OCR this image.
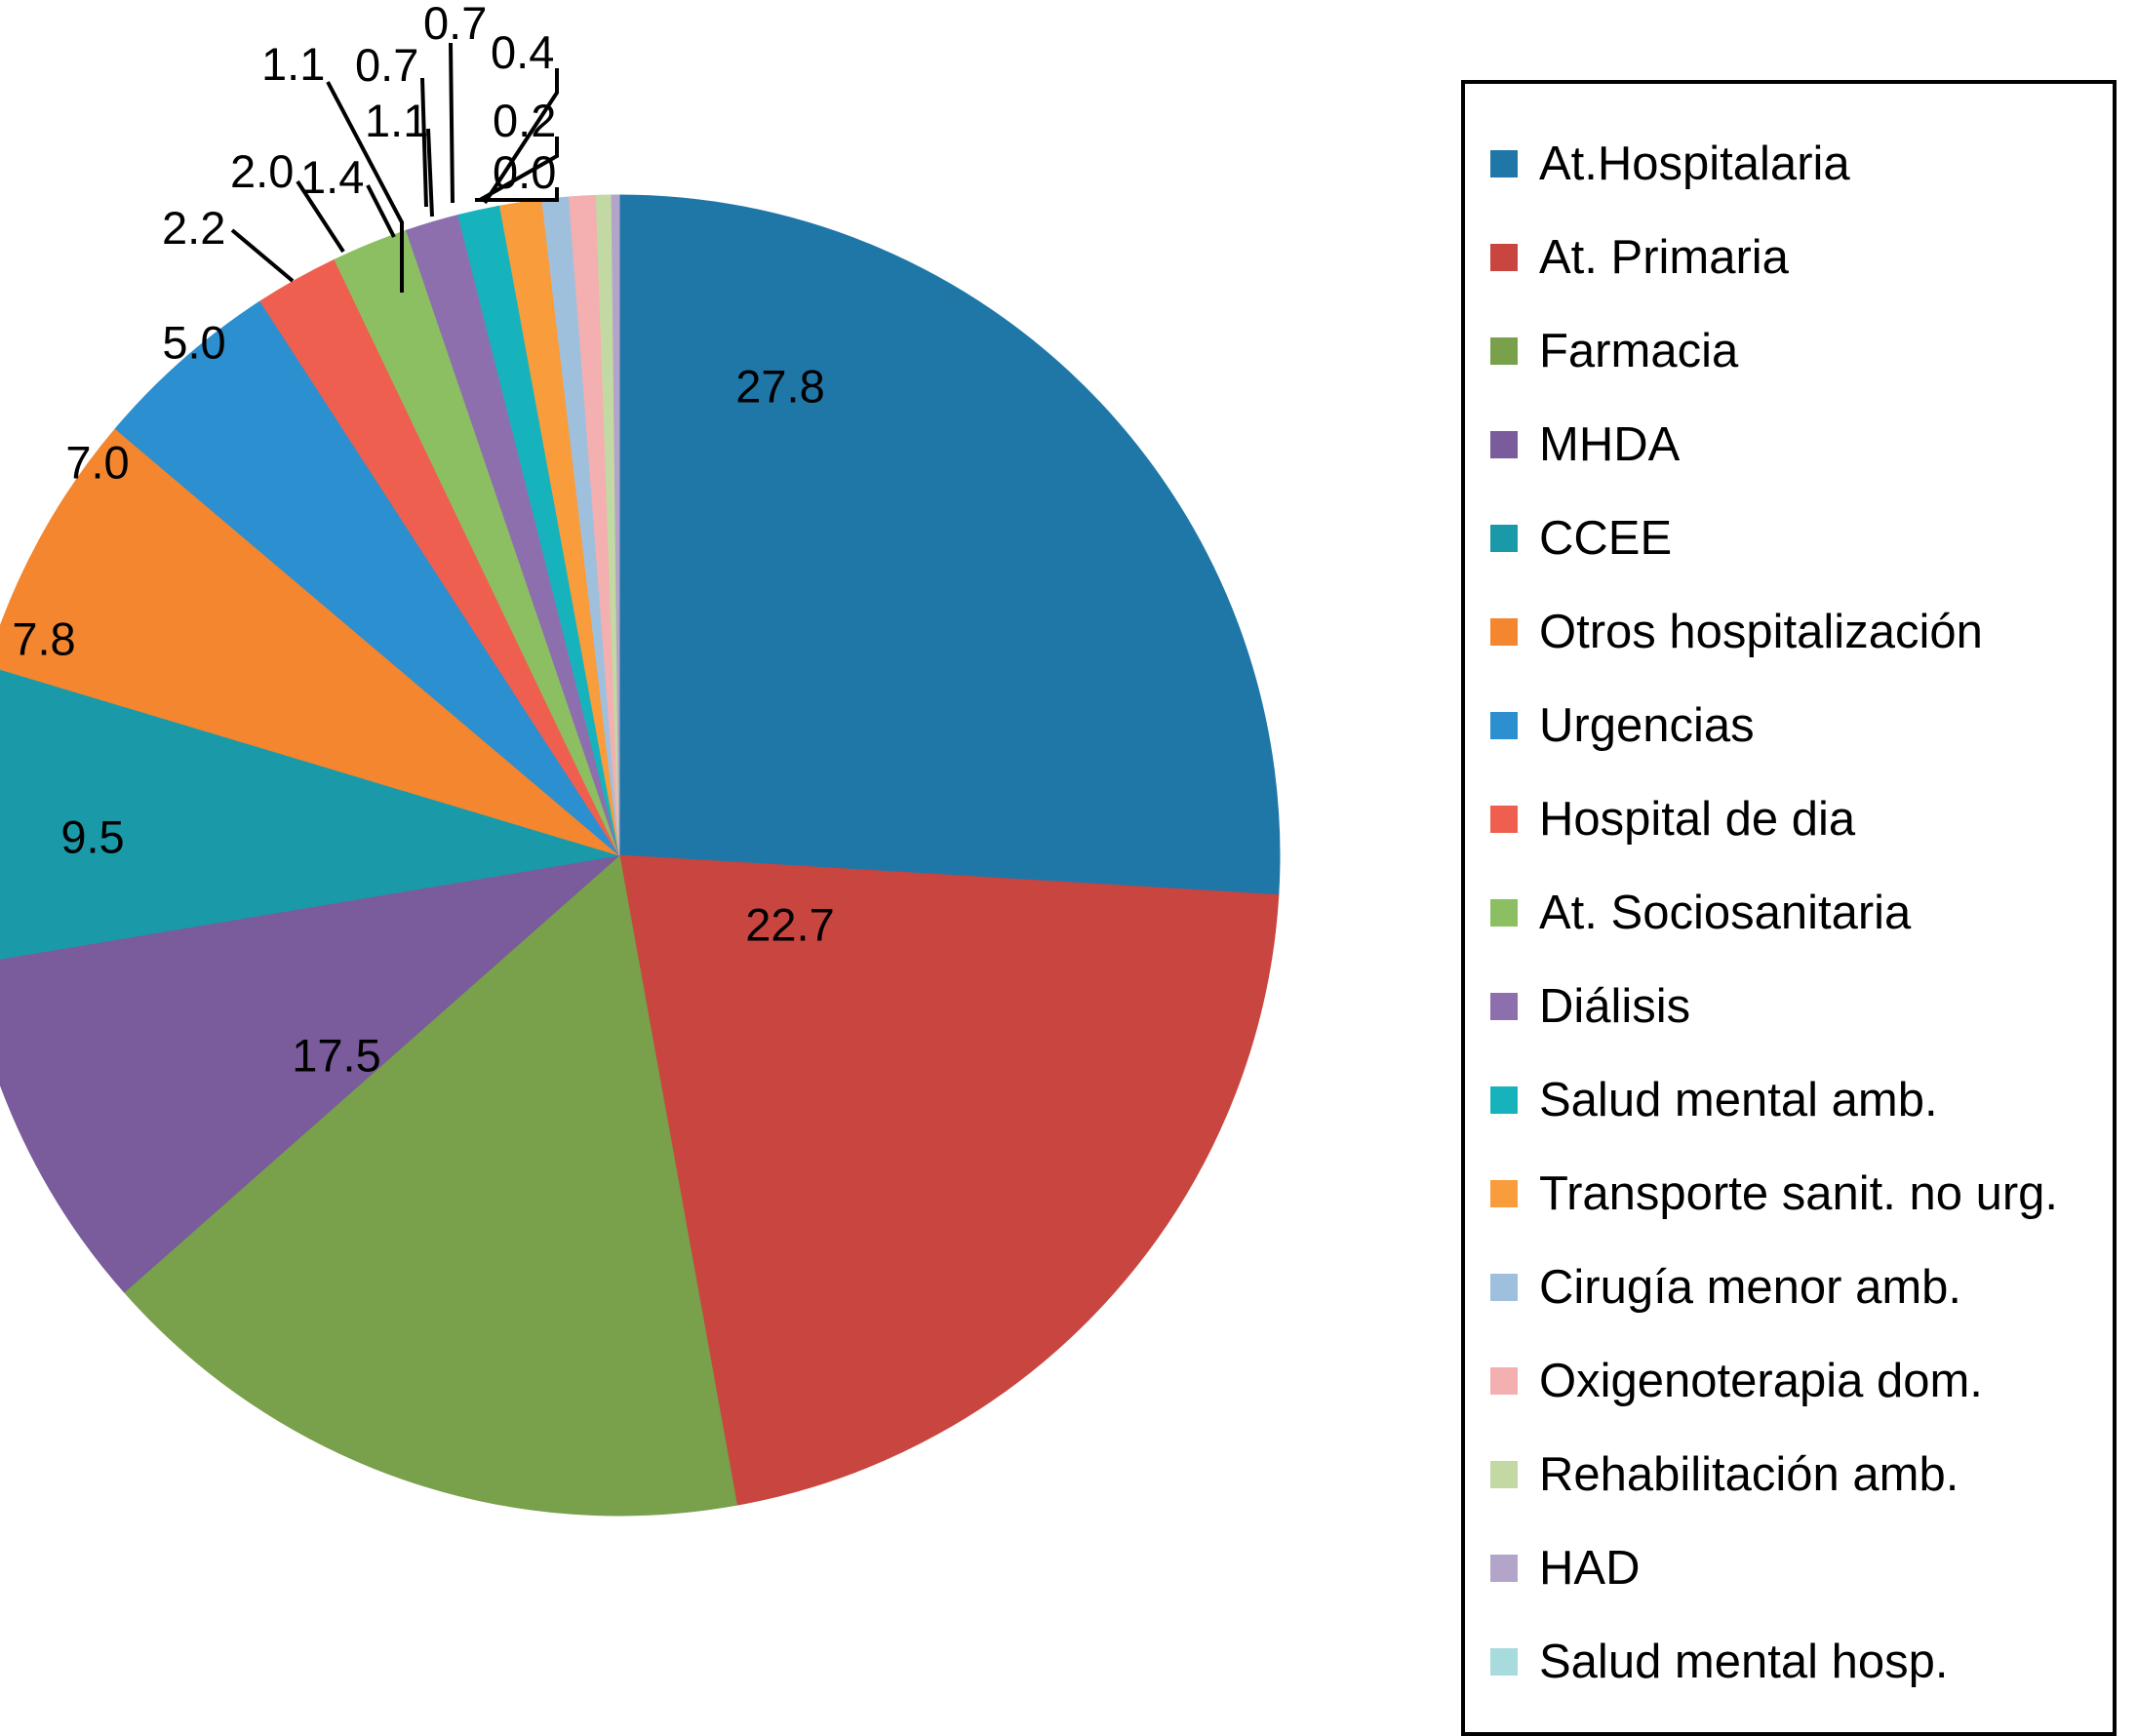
27.8
22.7
17.5
9.5
7.8
7.0
5.0
2.2
2.0 1.4
1.1
1.1
0.7
0.7
0.4
0.2
0.0	At.Hospitalaria
At. Primaria
Farmacia
MHDA
CCEE
Otros hospitalización
Urgencias
Hospital de dia
At. Sociosanitaria
Diálisis
Salud mental amb.
Transporte sanit. no urg.
Cirugía menor amb.
Oxigenoterapia dom.
Rehabilitación amb.
HAD
Salud mental hosp.
